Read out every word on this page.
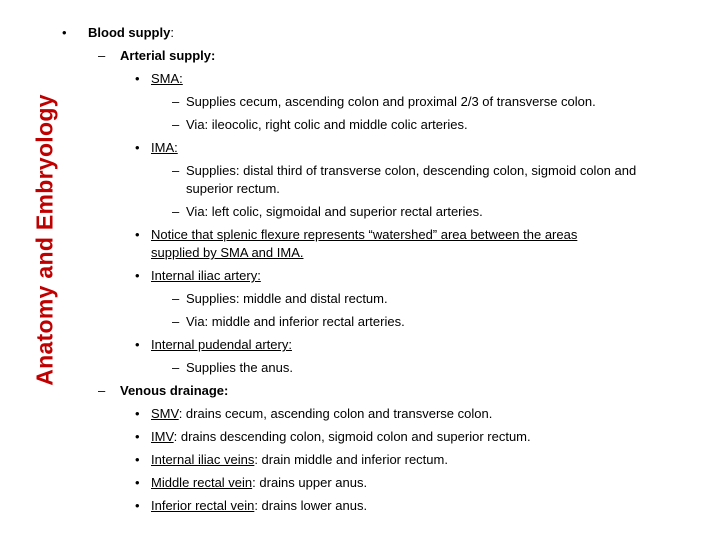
Anatomy and Embryology
• Blood supply:
– Arterial supply:
• SMA:
– Supplies cecum, ascending colon and proximal 2/3 of transverse colon.
– Via: ileocolic, right colic and middle colic arteries.
• IMA:
– Supplies: distal third of transverse colon, descending colon, sigmoid colon and
superior rectum.
– Via: left colic, sigmoidal and superior rectal arteries.
• Notice that splenic flexure represents “watershed” area between the areas
supplied by SMA and IMA.
• Internal iliac artery:
– Supplies: middle and distal rectum.
– Via: middle and inferior rectal arteries.
• Internal pudendal artery:
– Supplies the anus.
– Venous drainage:
• SMV: drains cecum, ascending colon and transverse colon.
• IMV: drains descending colon, sigmoid colon and superior rectum.
• Internal iliac veins: drain middle and inferior rectum.
• Middle rectal vein: drains upper anus.
• Inferior rectal vein: drains lower anus.
